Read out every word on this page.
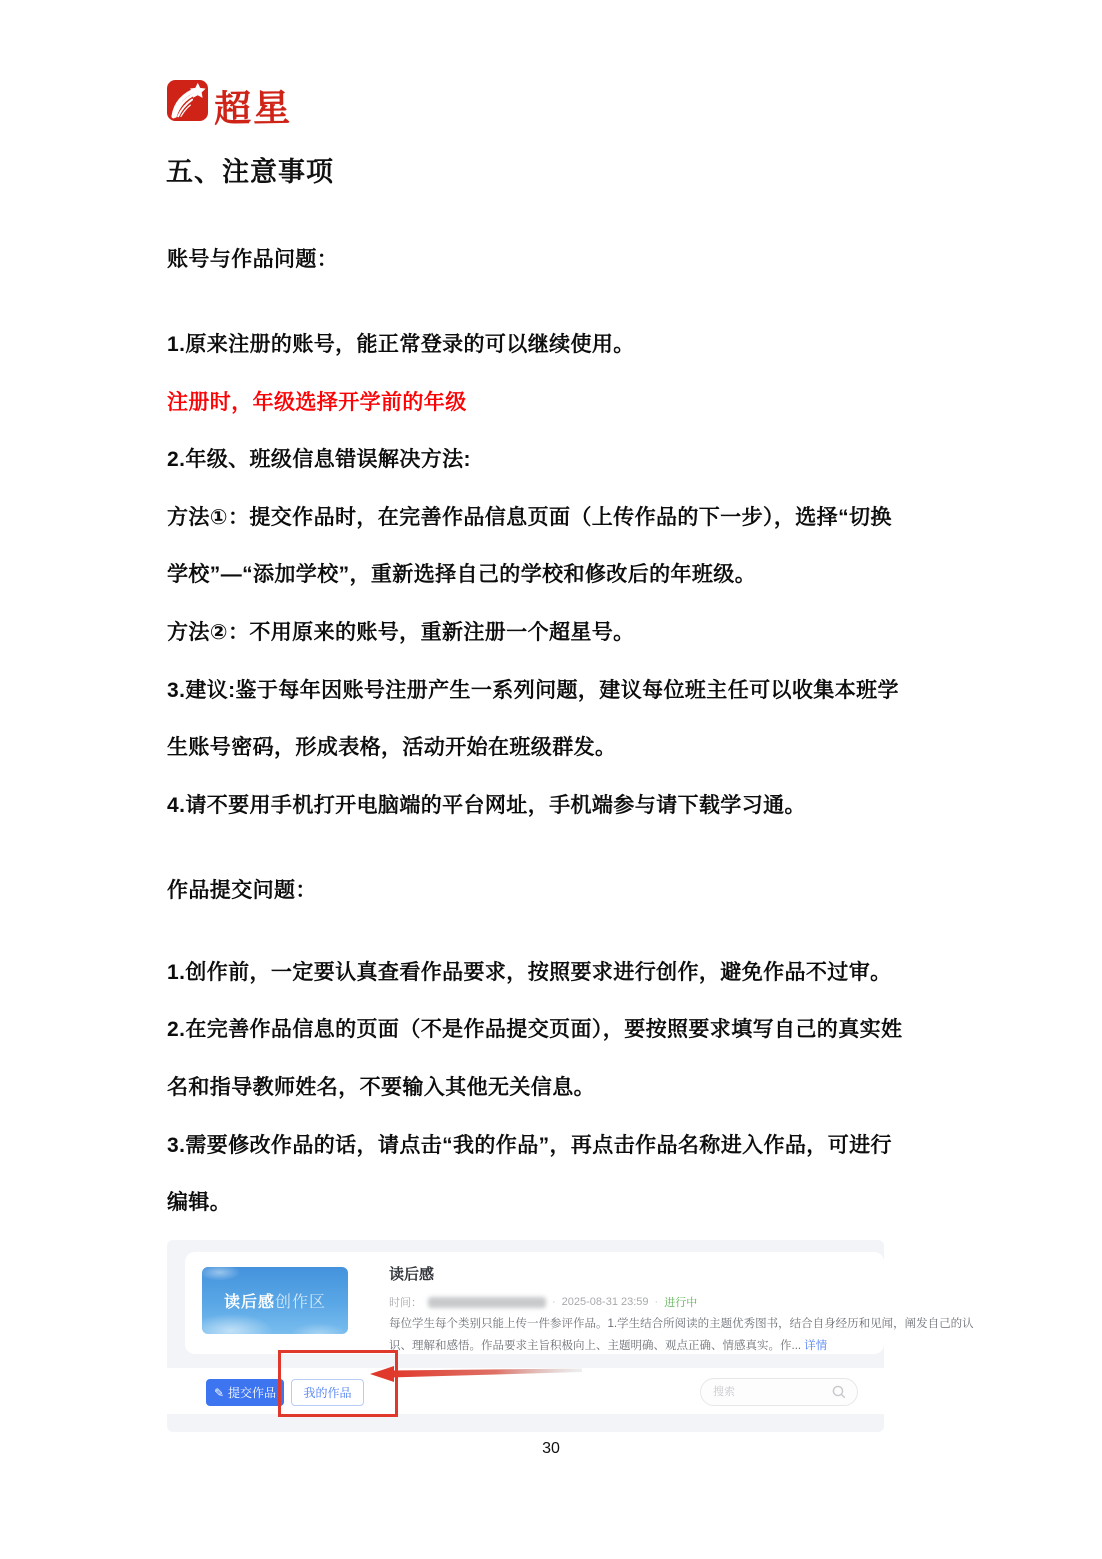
超星
五、注意事项
账号与作品问题：
1.原来注册的账号，能正常登录的可以继续使用。
注册时，年级选择开学前的年级
2.年级、班级信息错误解决方法:
方法①：提交作品时，在完善作品信息页面（上传作品的下一步），选择“切换
学校”—“添加学校”，重新选择自己的学校和修改后的年班级。
方法②：不用原来的账号，重新注册一个超星号。
3.建议:鉴于每年因账号注册产生一系列问题，建议每位班主任可以收集本班学
生账号密码，形成表格，活动开始在班级群发。
4.请不要用手机打开电脑端的平台网址，手机端参与请下载学习通。
作品提交问题：
1.创作前，一定要认真查看作品要求，按照要求进行创作，避免作品不过审。
2.在完善作品信息的页面（不是作品提交页面），要按照要求填写自己的真实姓
名和指导教师姓名，不要输入其他无关信息。
3.需要修改作品的话，请点击“我的作品”，再点击作品名称进入作品，可进行
编辑。
读后感 创作区
读后感
时间：	· 2025-08-31 23:59 · 进行中
每位学生每个类别只能上传一件参评作品。1.学生结合所阅读的主题优秀图书，结合自身经历和见闻，阐发自己的认
识、理解和感悟。作品要求主旨积极向上、主题明确、观点正确、情感真实。作... 详情
✎ 提交作品 我的作品
搜索
30
